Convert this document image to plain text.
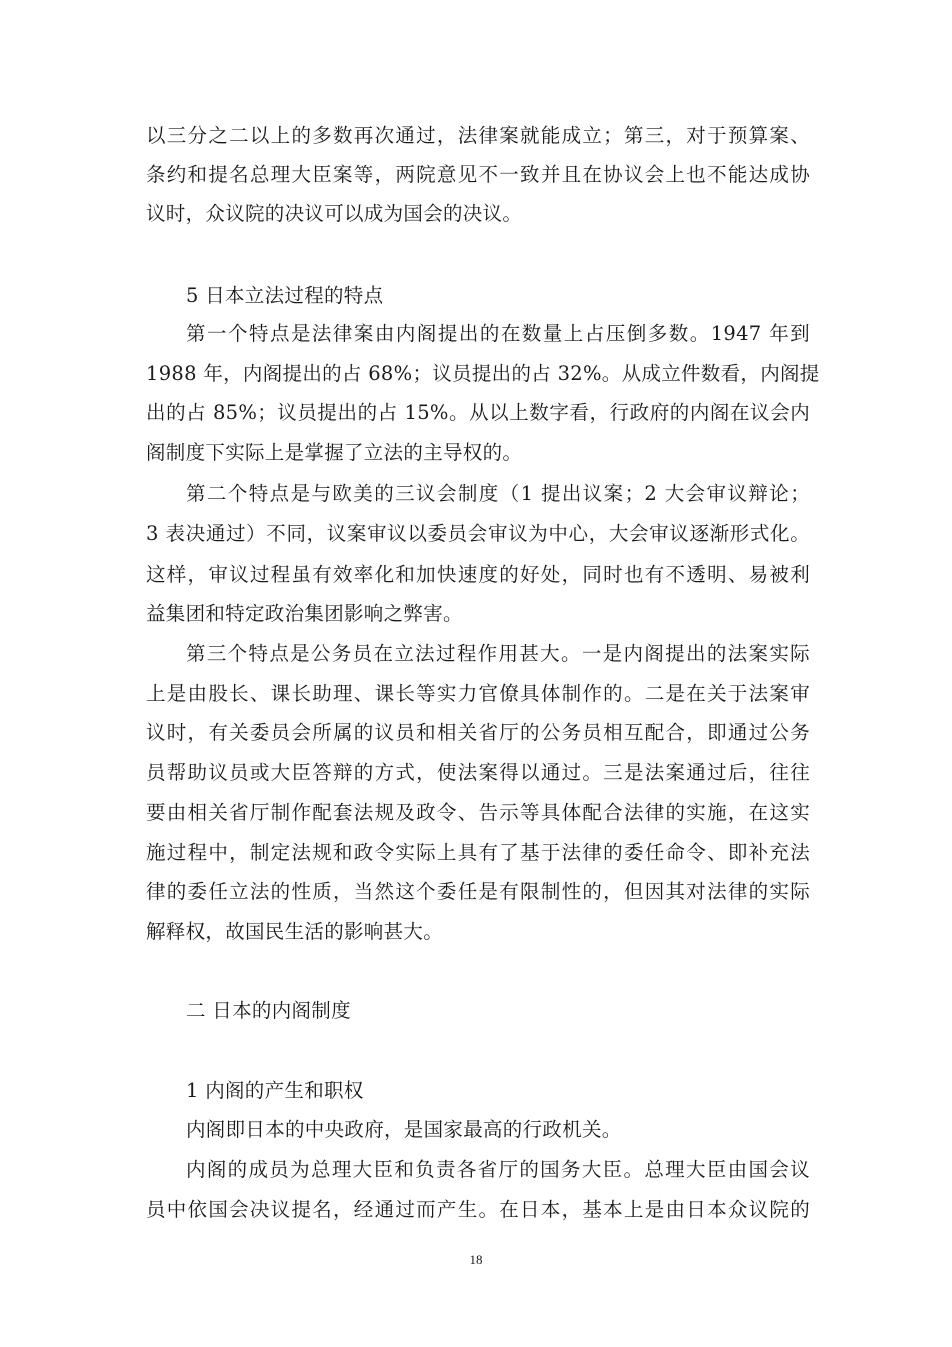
以三分之二以上的多数再次通过，法律案就能成立；第三，对于预算案、
条约和提名总理大臣案等，两院意见不一致并且在协议会上也不能达成协
议时，众议院的决议可以成为国会的决议。
5 日本立法过程的特点
第一个特点是法律案由内阁提出的在数量上占压倒多数。1947 年到
1988 年，内阁提出的占 68%；议员提出的占 32%。从成立件数看，内阁提
出的占 85%；议员提出的占 15%。从以上数字看，行政府的内阁在议会内
阁制度下实际上是掌握了立法的主导权的。
第二个特点是与欧美的三议会制度（1 提出议案；2 大会审议辩论；
3 表决通过）不同，议案审议以委员会审议为中心，大会审议逐渐形式化。
这样，审议过程虽有效率化和加快速度的好处，同时也有不透明、易被利
益集团和特定政治集团影响之弊害。
第三个特点是公务员在立法过程作用甚大。一是内阁提出的法案实际
上是由股长、课长助理、课长等实力官僚具体制作的。二是在关于法案审
议时，有关委员会所属的议员和相关省厅的公务员相互配合，即通过公务
员帮助议员或大臣答辩的方式，使法案得以通过。三是法案通过后，往往
要由相关省厅制作配套法规及政令、告示等具体配合法律的实施，在这实
施过程中，制定法规和政令实际上具有了基于法律的委任命令、即补充法
律的委任立法的性质，当然这个委任是有限制性的，但因其对法律的实际
解释权，故国民生活的影响甚大。
二 日本的内阁制度
1 内阁的产生和职权
内阁即日本的中央政府，是国家最高的行政机关。
内阁的成员为总理大臣和负责各省厅的国务大臣。总理大臣由国会议
员中依国会决议提名，经通过而产生。在日本，基本上是由日本众议院的
18
